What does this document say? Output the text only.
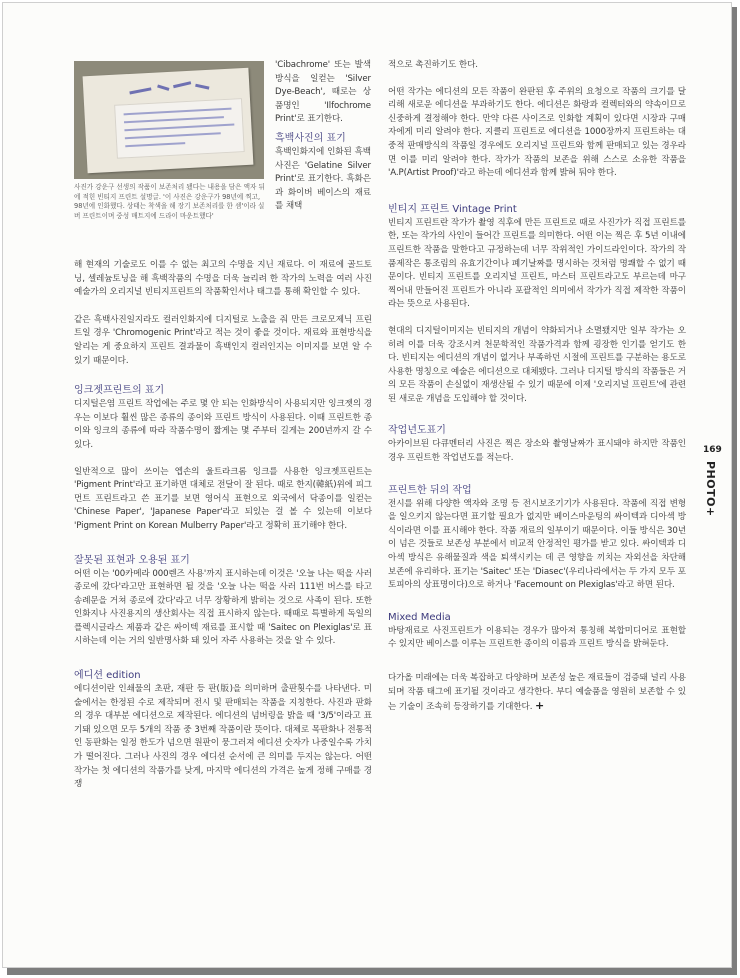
사진가 강운구 선생의 작품이 보존처리 됐다는 내용을 담은 액자 뒤에 적힌 빈티지 프린트 설명글. '이 사진은 강운구가 98년에 찍고, 98년에 인화했다. 상태는 착색을 해 장기 보존처리를 한 셈'이라 실버 프린트이며 중성 매트지에 드라이 마운트했다'

'Cibachrome' 또는 발색 방식을 일컫는 'Silver Dye-Beach', 때로는 상품명인 'Ilfochrome Print'로 표기한다.

흑백사진의 표기

흑백인화지에 인화된 흑백사진은 'Gelatine Silver Print'로 표기한다. 흑화은과 화이버 베이스의 재료를 채택

해 현재의 기술로도 이를 수 없는 최고의 수명을 지닌 재료다. 이 재료에 골드토닝, 셀레늄토닝을 해 흑백작품의 수명을 더욱 늘리려 한 작가의 노력을 여러 사진예술가의 오리지널 빈티지프린트의 작품확인서나 태그를 통해 확인할 수 있다.

같은 흑백사진일지라도 컬러인화지에 디지털로 노출을 줘 만든 크로모제닉 프린트일 경우 'Chromogenic Print'라고 적는 것이 좋을 것이다. 재료와 표현방식을 알리는 게 중요하지 프린트 결과물이 흑백인지 컬러인지는 이미지를 보면 알 수 있기 때문이다.

잉크젯프린트의 표기

디지털은염 프린트 작업에는 주로 몇 안 되는 인화방식이 사용되지만 잉크젯의 경우는 이보다 훨씬 많은 종류의 종이와 프린트 방식이 사용된다. 이때 프린트한 종이와 잉크의 종류에 따라 작품수명이 짧게는 몇 주부터 길게는 200년까지 갈 수 있다.

일반적으로 많이 쓰이는 엡손의 울트라크롬 잉크를 사용한 잉크젯프린트는 'Pigment Print'라고 표기하면 대체로 전달이 잘 된다. 때로 한지(韓紙)위에 피그먼트 프린트라고 쓴 표기를 보면 영어식 표현으로 외국에서 닥종이를 일컫는 'Chinese Paper', 'Japanese Paper'라고 되있는 걸 볼 수 있는데 이보다 'Pigment Print on Korean Mulberry Paper'라고 정확히 표기해야 한다.

잘못된 표현과 오용된 표기

어떤 이는 '00카메라 000렌즈 사용'까지 표시하는데 이것은 '오늘 나는 떡을 사러 종로에 갔다'라고만 표현하면 될 것을 '오늘 나는 떡을 사러 111번 버스를 타고 송례문을 거쳐 종로에 갔다'라고 너무 장황하게 밝히는 것으로 사족이 된다. 또한 인화지나 사진용지의 생산회사는 직접 표시하지 않는다. 때때로 특별하게 독일의 플렉시글라스 제품과 같은 싸이텍 재료를 표시할 때 'Saitec on Plexiglas'로 표시하는데 이는 거의 일반명사화 돼 있어 자주 사용하는 것을 알 수 있다.

에디션 edition

에디션이란 인쇄물의 초판, 재판 등 판(版)을 의미하며 출판횟수를 나타낸다. 미술에서는 한정된 수로 제작되며 전시 및 판매되는 작품을 지칭한다. 사진과 판화의 경우 대부분 에디션으로 제작된다. 에디션의 넘버링을 밝을 때 '3/5'이라고 표기돼 있으면 모두 5개의 작품 중 3번째 작품이란 뜻이다. 대체로 목판화나 전통적인 동판화는 일정 한도가 넘으면 원판이 뭉그러져 에디션 숫자가 나중일수록 가치가 떨어진다. 그러나 사진의 경우 에디션 순서에 큰 의미를 두지는 않는다. 어떤 작가는 첫 에디션의 작품가를 낮게, 마지막 에디션의 가격은 높게 정해 구매를 경쟁

적으로 촉진하기도 한다.

어떤 작가는 에디션의 모든 작품이 완판된 후 주위의 요청으로 작품의 크기를 달리해 새로운 에디션을 부과하기도 한다. 에디션은 화랑과 컬렉터와의 약속이므로 신중하게 결정해야 한다. 만약 다른 사이즈로 인화할 계획이 있다면 시장과 구매자에게 미리 알려야 한다. 지클리 프린트로 에디션을 1000장까지 프린트하는 대중적 판매방식의 작품일 경우에도 오리지널 프린트와 함께 판매되고 있는 경우라면 이를 미리 알려야 한다. 작가가 작품의 보존을 위해 스스로 소유한 작품을 'A.P(Artist Proof)'라고 하는데 에디션과 함께 밝혀 둬야 한다.

빈티지 프린트 Vintage Print

빈티지 프린트란 작가가 촬영 직후에 만든 프린트로 때로 사진가가 직접 프린트를 한, 또는 작가의 사인이 들어간 프린트를 의미한다. 어떤 이는 찍은 후 5년 이내에 프린트한 작품을 말한다고 규정하는데 너무 작위적인 가이드라인이다. 작가의 작품제작은 통조림의 유효기간이나 폐기날짜를 명시하는 것처럼 명쾌할 수 없기 때문이다. 빈티지 프린트를 오리지널 프린트, 마스터 프린트라고도 부르는데 마구 찍어내 만들어진 프린트가 아니라 포괄적인 의미에서 작가가 직접 제작한 작품이라는 뜻으로 사용된다.

현대의 디지털이미지는 빈티지의 개념이 약화되거나 소멸됐지만 일부 작가는 오히려 이를 더욱 강조시켜 천문학적인 작품가격과 함께 굉장한 인기를 얻기도 한다. 빈티지는 에디션의 개념이 없거나 부족하던 시절에 프린트를 구분하는 용도로 사용한 명칭으로 예술은 에디션으로 대체됐다. 그러나 디지털 방식의 작품들은 거의 모든 작품이 손실없이 재생산될 수 있기 때문에 이제 '오리지널 프린트'에 관련된 새로운 개념을 도입해야 할 것이다.

작업년도표기

아카이브된 다큐멘터리 사진은 찍은 장소와 촬영날짜가 표시돼야 하지만 작품인 경우 프린트한 작업년도를 적는다.

프린트한 뒤의 작업

전시를 위해 다양한 액자와 조명 등 전시보조기기가 사용된다. 작품에 직접 변형을 일으키지 않는다면 표기할 필요가 없지만 베이스마운팅의 싸이텍과 디아섹 방식이라면 이를 표시해야 한다. 작품 재료의 일부이기 때문이다. 이들 방식은 30년이 넘은 것들로 보존성 부분에서 비교적 안정적인 평가를 받고 있다. 싸이텍과 디아섹 방식은 유해물질과 색을 퇴색시키는 데 큰 영향을 끼치는 자외선을 차단해 보존에 유리하다. 표기는 'Saitec' 또는 'Diasec'(우리나라에서는 두 가지 모두 포토피아의 상표명이다)으로 하거나 'Facemount on Plexiglas'라고 하면 된다.

Mixed Media

바탕재료로 사진프린트가 이용되는 경우가 많아져 통칭해 복합미디어로 표현할 수 있지만 베이스를 이루는 프린트한 종이의 이름과 프린트 방식을 밝혀둔다.

다가올 미래에는 더욱 복잡하고 다양하며 보존성 높은 재료들이 검증돼 널리 사용되며 작품 태그에 표기될 것이라고 생각한다. 부디 예술품을 영원히 보존할 수 있는 기술이 조속히 등장하기를 기대한다. +

169
PHOTO+
